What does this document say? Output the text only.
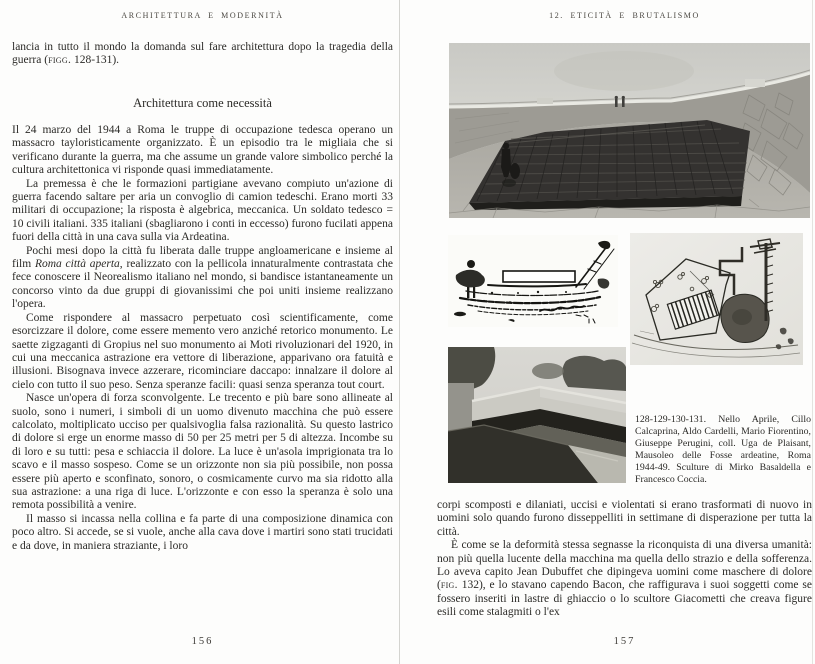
ARCHITETTURA E MODERNITÀ
lancia in tutto il mondo la domanda sul fare architettura dopo la tragedia della guerra (figg. 128-131).
Architettura come necessità

Il 24 marzo del 1944 a Roma le truppe di occupazione tedesca operano un massacro tayloristicamente organizzato. È un episodio tra le migliaia che si verificano durante la guerra, ma che assume un grande valore simbolico perché la cultura architettonica vi risponde quasi immediatamente.

La premessa è che le formazioni partigiane avevano compiuto un'azione di guerra facendo saltare per aria un convoglio di camion tedeschi. Erano morti 33 militari di occupazione; la risposta è algebrica, meccanica. Un soldato tedesco = 10 civili italiani. 335 italiani (sbagliarono i conti in eccesso) furono fucilati appena fuori della città in una cava sulla via Ardeatina.

Pochi mesi dopo la città fu liberata dalle truppe angloamericane e insieme al film Roma città aperta, realizzato con la pellicola innaturalmente contrastata che fece conoscere il Neorealismo italiano nel mondo, si bandisce istantaneamente un concorso vinto da due gruppi di giovanissimi che poi uniti insieme realizzano l'opera.

Come rispondere al massacro perpetuato così scientificamente, come esorcizzare il dolore, come essere memento vero anziché retorico monumento. Le saette zigzaganti di Gropius nel suo monumento ai Moti rivoluzionari del 1920, in cui una meccanica astrazione era vettore di liberazione, apparivano ora fatuità e illusioni. Bisognava invece azzerare, ricominciare daccapo: innalzare il dolore al cielo con tutto il suo peso. Senza speranze facili: quasi senza speranza tout court.

Nasce un'opera di forza sconvolgente. Le trecento e più bare sono allineate al suolo, sono i numeri, i simboli di un uomo divenuto macchina che può essere calcolato, moltiplicato ucciso per qualsivoglia falsa razionalità. Su questo lastrico di dolore si erge un enorme masso di 50 per 25 metri per 5 di altezza. Incombe su di loro e su tutti: pesa e schiaccia il dolore. La luce è un'asola imprigionata tra lo scavo e il masso sospeso. Come se un orizzonte non sia più possibile, non possa essere più aperto e sconfinato, sonoro, o cosmicamente curvo ma sia ridotto alla sua astrazione: a una riga di luce. L'orizzonte e con esso la speranza è solo una remota possibilità a venire.

Il masso si incassa nella collina e fa parte di una composizione dinamica con poco altro. Si accede, se si vuole, anche alla cava dove i martiri sono stati trucidati e da dove, in maniera straziante, i loro

156
12. ETICITÀ E BRUTALISMO
128-129-130-131. Nello Aprile, Cillo Calcaprina, Aldo Cardelli, Mario Fiorentino, Giuseppe Perugini, coll. Uga de Plaisant, Mausoleo delle Fosse ardeatine, Roma 1944-49. Sculture di Mirko Basaldella e Francesco Coccia.

corpi scomposti e dilaniati, uccisi e violentati si erano trasformati di nuovo in uomini solo quando furono disseppelliti in settimane di disperazione per tutta la città.

È come se la deformità stessa segnasse la riconquista di una diversa umanità: non più quella lucente della macchina ma quella dello strazio e della sofferenza. Lo aveva capito Jean Dubuffet che dipingeva uomini come maschere di dolore (fig. 132), e lo stavano capendo Bacon, che raffigurava i suoi soggetti come se fossero inseriti in lastre di ghiaccio o lo scultore Giacometti che creava figure esili come stalagmiti o l'ex

157
